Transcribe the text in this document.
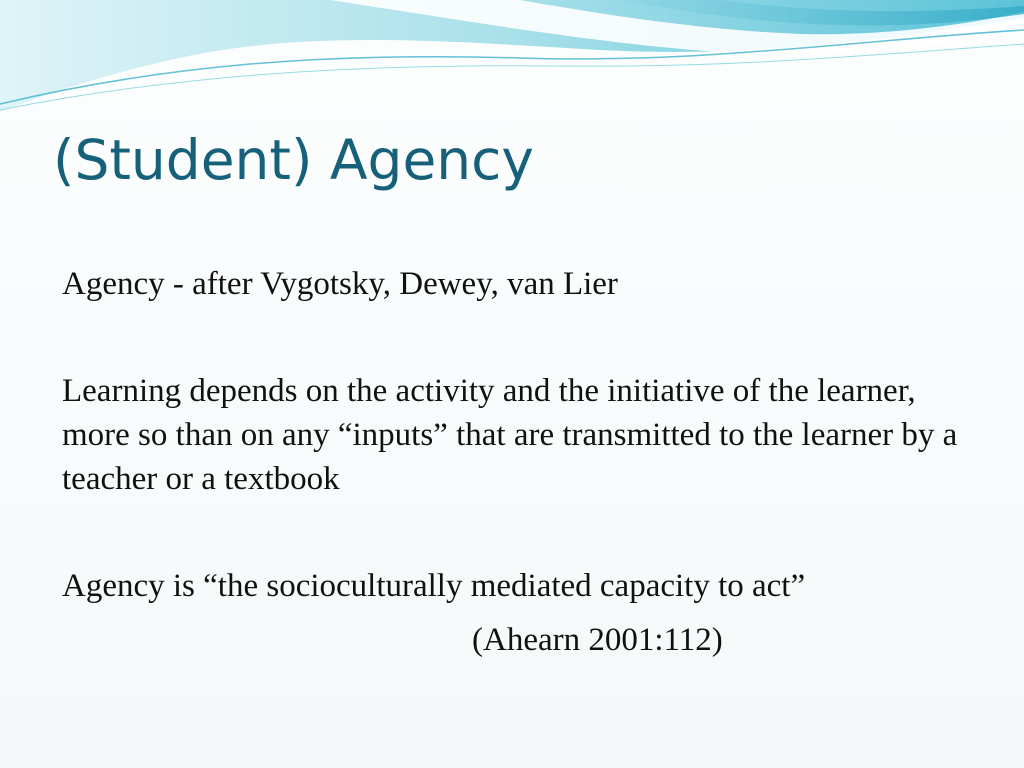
(Student) Agency

Agency - after Vygotsky, Dewey, van Lier

Learning depends on the activity and the initiative of the learner, more so than on any “inputs” that are transmitted to the learner by a teacher or a textbook

Agency is “the socioculturally mediated capacity to act”

(Ahearn 2001:112)
